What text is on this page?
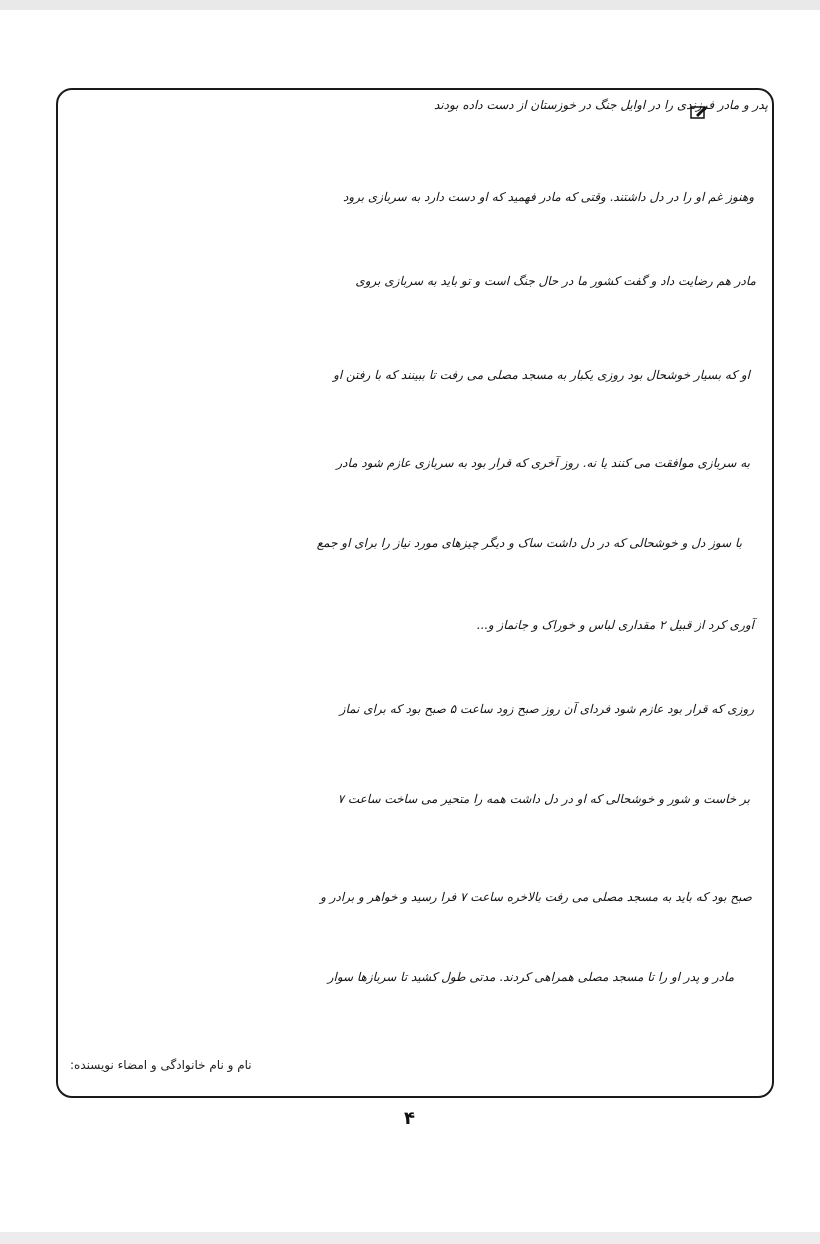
پدر و مادر فرزندی را در اوایل جنگ در خوزستان از دست داده بودند
وهنوز غم او را در دل داشتند. وقتی که مادر فهمید که او دست دارد به سربازی برود
مادر هم رضایت داد و گفت کشور ما در حال جنگ است و تو باید به سربازی بروی
او که بسیار خوشحال بود روزی یکبار به مسجد مصلی می رفت تا ببینند که با رفتن او
به سربازی موافقت می کنند یا نه. روز آخری که قرار بود به سربازی عازم شود مادر
با سوز دل و خوشحالی که در دل داشت ساک و دیگر چیزهای مورد نیاز را برای او جمع
آوری کرد از قبیل ۲ مقداری لباس و خوراک و جانماز و...
روزی که قرار بود عازم شود فردای آن روز صبح زود ساعت ۵ صبح بود که برای نماز
بر خاست و شور و خوشحالی که او در دل داشت همه را متحیر می ساخت ساعت ۷
صبح بود که باید به مسجد مصلی می رفت بالاخره ساعت ۷ فرا رسید و خواهر و برادر و
مادر و پدر او را تا مسجد مصلی همراهی کردند. مدتی طول کشید تا سربازها سوار
نام و نام خانوادگی و امضاء نویسنده:
۴
